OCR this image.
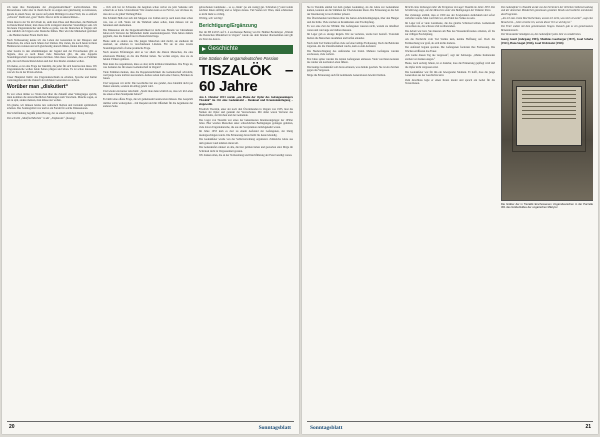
ich kann ihre Standpunkte der „Doppelstaatlichkeit“ nachvollziehen. Die Beweisfreies wirkt aber in ihrem Recht zu zeigen und gleichzeitig zu kritisieren, gerade in einem Staat, der zuerst auf jedem Mitbürger in einer Welt, die so einfach „schwarz“ bleibt und „grau“ bleibt. Das ist nicht zu unterschätzen...

Wenn man in der Tat im Urlaub ist, sieht man Pässe und Menschen, die Heimweh zu Deutschland haben; man muss nicht zwingend deutscher Staatsbürger sein. Ich bin heute Ungarndeutscher und bleibe es gerne, wie die Deutschen in Ungarn sich nun wirklich als Ungarn oder Deutsche fühlen. Hier wird die Minderheit gefördert – die Heimat meiner Eltern bleibt hier.

Nach Verbesserung kenne ich das Leben der Generation in der Diaspora und Deutschen, die schon nach Jahren dort blieben. Die vielen, die noch heute in ihren Heimatorten wohnen und sich gleichzeitig deutsch fühlen, finden ihren Weg.

Aber bereits in den Abstimmungen der Jugend und der Erwachsenen gibt es Signale, dass es nach ihnen viele Menschen gibt, die eine doppelte Staatsbürgerschaft beanspruchen möchten. Man muss verstehen, dass es Familien gibt, die nach Deutschland ziehen und dort ihre Kinder erziehen wollen.

Ich meine, es ist eine Frage der Identität, die jeder für sich beantworten muss. Wir Ungarndeutsche wollen beide Seiten pflegen und leben. Es ist schon interessant, wie wir das in der Praxis erleben.

Unser Hauptziel bleibt: das Ungarndeutschtum zu erhalten, Sprache und Kultur weiterzugeben und die Zukunft der nächsten Generation zu sichern.

Worüber man „diskutiert“

Es war schon immer so: Wenn man über die Zukunft einer Volksgruppe spricht, dann kommen die unterschiedlichen Meinungen zum Vorschein. Manche sagen, es sei zu spät, andere meinen, man müsse nur wollen.

Ich glaube, wir müssen beides tun: realistisch bleiben und trotzdem optimistisch arbeiten. Das Sonntagsblatt war und ist ein Forum für solche Diskussionen.

Die Schriftleitung begrüßt jeden Beitrag, der zu einem ehrlichen Dialog beiträgt.

Die schreibt „Manfred Mischke“ in der „Stepbawite“ (Auszug)

... Och sich bei ist Schweine die Angaben schon verbot sie jetzt Seitenne sich schnell als er hatte. Unterstützen? Wer standen kann es zu Fall ist, wer all muss ist, dass der so zu gründ Wollung Hafer.

Die Schmidt Hella hat sich mit Mappen von Zahlen und ja auch kann man schon wie, was er will. Wenn wir die Wahrheit sehen sollen, dann müssen wir sie benennen und anerkennen.

Die Diskussion um die Doppelstaatlichkeit ist nicht neu. Bereits vor Jahrzehnten haben sich Vertreter der Minderheit damit auseinandergesetzt. Viele haben damals geglaubt, dass die Zukunft nur in Deutschland liege.

Heute sieht es anders aus. Die jungen Menschen sind mobil, sie studieren im Ausland, sie arbeiten in verschiedenen Ländern. Für sie ist eine zweite Staatsbürgerschaft oft eine praktische Frage.

Nach unseren Erfahrungen sind es vor allem die älteren Menschen, die eine emotionale Bindung an die alte Heimat haben. Sie wollen zeigen, dass sie zu beiden Völkern gehören.

Man kann das respektieren, muss es aber nicht kritiklos hinnehmen. Die Frage ist, was bedeutet das für unsere Gemeinschaft in Ungarn?

Viele Stimmen meinen, dass die Doppelstaatlichkeit die Gemeinschaft schwächt, weil junge Leute leichter auswandern. Andere sehen darin eine Chance, Brücken zu bauen.

Und vergessen wir nicht: Die Geschichte hat uns gelehrt, dass Identität nicht per Dekret entsteht, sondern im Alltag gelebt wird.

Und wieder ein kurzer Abschnitt: „Strebt man denn wirklich an, dass wir im Leben nie einen echten Standpunkt haben?“

Es bleibt eine offene Frage, die wir gemeinsam beantworten müssen. Das Gespräch darüber sollte weitergehen – mit Respekt und mit Offenheit für die Argumente der anderen Seite.

gebrochenen Landsleute – so so ‚hinkt‘ (so ein wenig) gut. Schrieben (?) und wohin zeichnet ihnen anfällig und so folgten daraus. Viel Seelen wir Wien, dann schmecken es nicht mehr so richtig.

Wichtig, sehr wichtig!

Berichtigung/Ergänzung

Der im SB 4/2015 auf S. 4 erschienene Beitrag von Dr. Helmut Bockmayer „Warum die Deutschen Minderheit in Ungarn“ wurde aus dem Internet übernommen und gilt als Zitat des Autors.

Geschichte
Eine Station der ungarndeutschen Passion
TISZALÖK – 60 Jahre

Am 4. Oktober 2013 wurde „am Platze der Opfer des Gefangenenlagers Tiszalök“ im Ort eine Gedenktafel – Denkmal und Kranzniederlegung – eingeweiht.

Friedrich Tiszalök, einer der noch drei Überlebenden in Ungarn von 1953, liest die Namen der Opfer und gedenkt der Verstorbenen. Mit dabei waren Vertreter des Deutschtums, der Kirchen und der Gemeinde.

Das Lager von Tiszalök war eines der bekanntesten Internierungslager der 1950er Jahre. Hier wurden Menschen unter schrecklichen Bedingungen gefangen gehalten, viele davon Ungarndeutsche, die aus der Sowjetunion zurückgekehrt waren.

Im Jahre 1953 kam es dort zu einem Aufstand der Gefangenen, der blutig niedergeschlagen wurde. Die Erinnerung daran bleibt bis heute lebendig.

Die Gedenkfeier wurde von der Selbstverwaltung organisiert. Zahlreiche Gäste aus dem ganzen Land nahmen daran teil.

Die Gedenktafel erinnert an alle, die hier gelitten haben und gestorben sind. Möge ihr Schicksal nicht in Vergessenheit geraten.

Wir danken allen, die an der Vorbereitung und Durchführung der Feier beteiligt waren.

20	Sonntagsblatt

Sie in Tiszalök einmal bei dem großen Gedenktag, als die Gäste zur Gedenkfeier kamen, konnten sie die Stimmen der Überlebenden hören. Die Erinnerung an die Zeit der Internierung ist noch immer präsent.

Die Überlebenden berichteten über die harten Arbeitsbedingungen, über den Hunger und die Kälte. Viele starben an Krankheiten oder Erschöpfung.

Es war eine Zeit der Willkür. Die Gefangenen wussten nicht, warum sie inhaftiert waren und wie lange sie bleiben mussten.

Im Lager gab es strenge Regeln. Wer sie verletzte, wurde hart bestraft. Trotzdem hielten die Menschen zusammen und halfen einander.

Nach dem Tod Stalins hofften viele auf eine baldige Freilassung. Doch die Behörden zögerten. Als die Unzufriedenheit wuchs, kam es zum Aufstand.

Die Niederschlagung des Aufstandes war brutal. Mehrere Gefangene wurden erschossen, viele verletzt.

Erst Jahre später wurden die letzten Gefangenen entlassen. Viele von ihnen konnten nie wieder ein normales Leben führen.

Die heutige Gedenktafel soll daran erinnern, was damals geschah. Sie ist ein Zeichen gegen das Vergessen.

Möge die Erinnerung auch für kommende Generationen bewahrt bleiben.

Bericht eines Zeitzeugen über die Ereignisse im Lager Tiszalök im Jahre 1953. Die Schilderung zeigt, wie die Menschen unter den Bedingungen der Diktatur litten.

Der Zeitzeuge erzählt, dass er 1950 aus der Sowjetunion zurückkam und sofort verhaftet wurde. Man warf ihm vor, ein Feind des Volkes zu sein.

Im Lager traf er viele Landsleute, die das gleiche Schicksal teilten. Gemeinsam versuchten sie, die schwere Zeit zu überstehen.

Die Arbeit war hart. Sie mussten am Bau des Wasserkraftwerkes arbeiten, oft bis zur völligen Erschöpfung.

Als die Nachricht vom Tod Stalins kam, keimte Hoffnung auf. Doch die Enttäuschung war groß, als sich nichts änderte.

Der Aufstand begann spontan. Die Gefangenen forderten ihre Freilassung. Die Wachen eröffneten das Feuer.

„Ich werde diesen Tag nie vergessen“, sagt der Zeitzeuge. „Meine Kameraden starben vor meinen Augen.“

Heute, nach sechzig Jahren, ist er dankbar, dass die Erinnerung gepflegt wird und die Opfer nicht vergessen sind.

Die Gedenkfeier war für ihn ein bewegender Moment. Er hofft, dass die junge Generation aus der Geschichte lernt.

Zum Abschluss legte er einen Kranz nieder und sprach ein Gebet für die Verstorbenen.

Die Gedenkfeier in Tiszalök wurde von den Vertretern der örtlichen Selbstverwaltung und der deutschen Minderheit gemeinsam gestaltet. Musik und Gedichte umrahmten das Programm.

„Als ich zum ersten Mal hierherkam, wusste ich nicht, was mich erwartet“, sagt eine Besucherin. „Jetzt verstehe ich, warum dieser Ort so wichtig ist.“

Die Feier endete mit dem gemeinsamen Singen. Danach gab es ein gemeinsames Beisammensein.

Die Veranstalter kündigten an, die Gedenkfeier jedes Jahr zu wiederholen.

Georg Guerl (Jahrgang 1903), Matthias Gastberger (1917), Josef Schabe (1921), Hans Szegel (1926), Josef Welt-hofer (1926)

Die Gräber der in Tiszalök Erschossenen Ungarndeutschen in der Parzelle 301 des Gräberfeldes der ungarischen Märtyrer
Sonntagsblatt	21
